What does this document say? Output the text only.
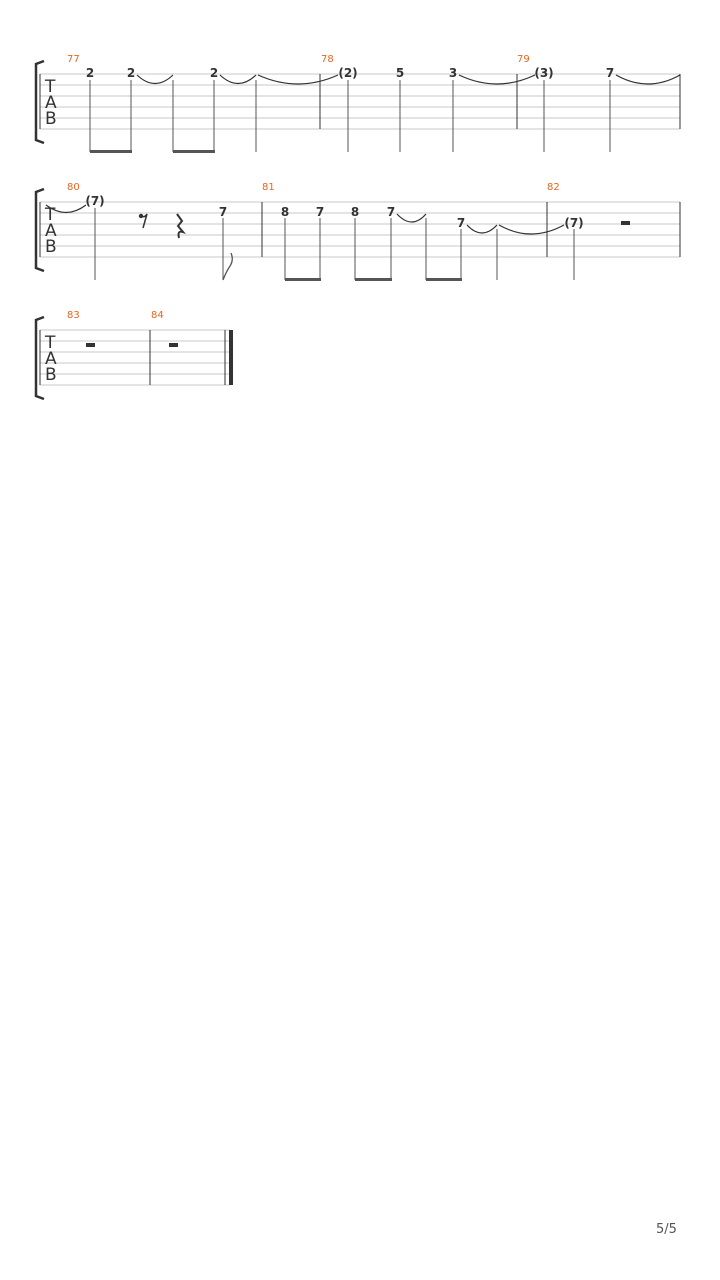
T
A
B
77	78	79
2	2	2	(2)	5	3	(3)	7
T
A
B
80	81	82
(7)
7	8 7 8 7
7	(7)
T
A
B
83	84
5/5
